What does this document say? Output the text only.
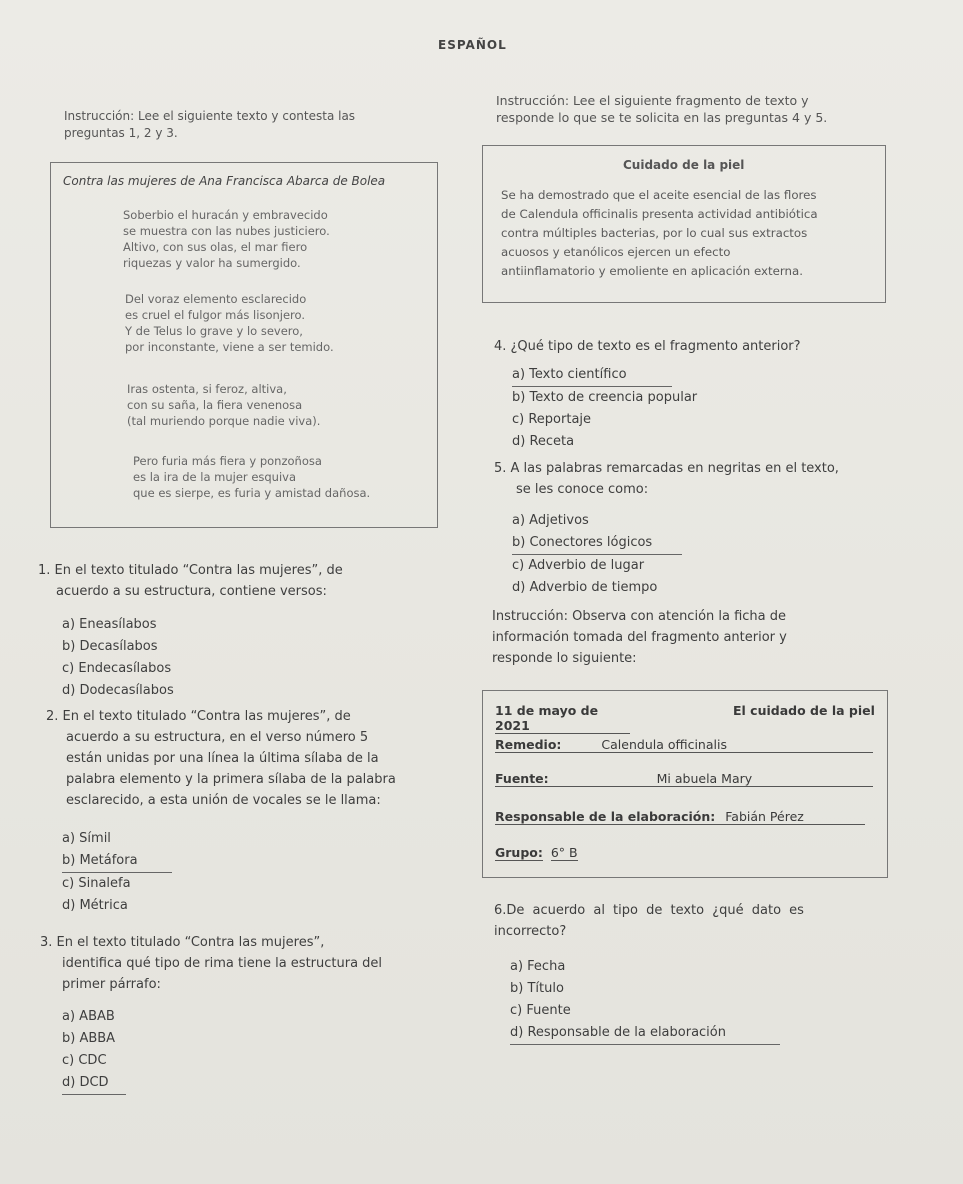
ESPAÑOL
Instrucción: Lee el siguiente texto y contesta las
preguntas 1, 2 y 3.
Contra las mujeres de Ana Francisca Abarca de Bolea
Soberbio el huracán y embravecido
se muestra con las nubes justiciero.
Altivo, con sus olas, el mar fiero
riquezas y valor ha sumergido.
Del voraz elemento esclarecido
es cruel el fulgor más lisonjero.
Y de Telus lo grave y lo severo,
por inconstante, viene a ser temido.
Iras ostenta, si feroz, altiva,
con su saña, la fiera venenosa
(tal muriendo porque nadie viva).
Pero furia más fiera y ponzoñosa
es la ira de la mujer esquiva
que es sierpe, es furia y amistad dañosa.
1. En el texto titulado “Contra las mujeres”, de
acuerdo a su estructura, contiene versos:
a) Eneasílabos
b) Decasílabos
c) Endecasílabos
d) Dodecasílabos
2. En el texto titulado “Contra las mujeres”, de
acuerdo a su estructura, en el verso número 5
están unidas por una línea la última sílaba de la
palabra elemento y la primera sílaba de la palabra
esclarecido, a esta unión de vocales se le llama:
a) Símil
b) Metáfora
c) Sinalefa
d) Métrica
3. En el texto titulado “Contra las mujeres”,
identifica qué tipo de rima tiene la estructura del
primer párrafo:
a) ABAB
b) ABBA
c) CDC
d) DCD
Instrucción: Lee el siguiente fragmento de texto y
responde lo que se te solicita en las preguntas 4 y 5.
Cuidado de la piel
Se ha demostrado que el aceite esencial de las flores
de Calendula officinalis presenta actividad antibiótica
contra múltiples bacterias, por lo cual sus extractos
acuosos y etanólicos ejercen un efecto
antiinflamatorio y emoliente en aplicación externa.
4. ¿Qué tipo de texto es el fragmento anterior?
a) Texto científico
b) Texto de creencia popular
c) Reportaje
d) Receta
5. A las palabras remarcadas en negritas en el texto,
se les conoce como:
a) Adjetivos
b) Conectores lógicos
c) Adverbio de lugar
d) Adverbio de tiempo
Instrucción: Observa con atención la ficha de
información tomada del fragmento anterior y
responde lo siguiente:
11 de mayo de 2021
El cuidado de la piel
Remedio:	Calendula officinalis
Fuente:	Mi abuela Mary
Responsable de la elaboración: Fabián Pérez
Grupo: 6° B
6.De acuerdo al tipo de texto ¿qué dato es
incorrecto?
a) Fecha
b) Título
c) Fuente
d) Responsable de la elaboración
